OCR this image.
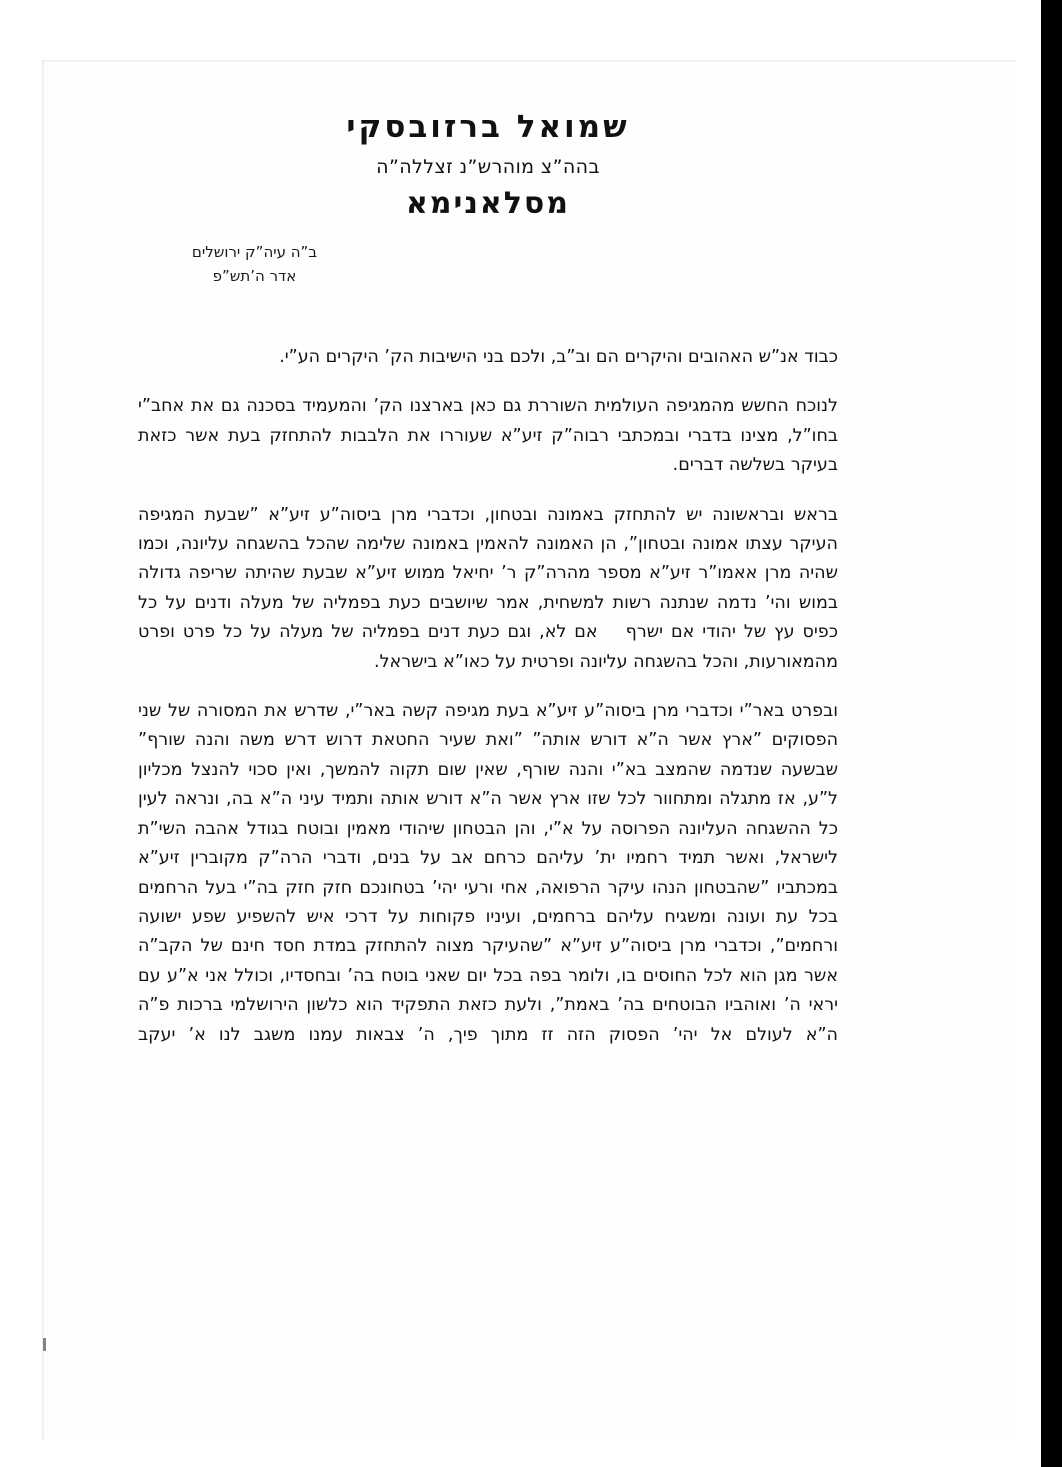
שמואל ברזובסקי
בהה”צ מוהרש”נ זצללה”ה
מסלאנימא
ב”ה עיה”ק ירושלים
אדר ה’תש”פ

כבוד אנ”ש האהובים והיקרים הם וב”ב, ולכם בני הישיבות הק’ היקרים הע”י.

לנוכח החשש מהמגיפה העולמית השוררת גם כאן בארצנו הק’ והמעמיד בסכנה גם את אחב”י בחו”ל, מצינו בדברי ובמכתבי רבוה”ק זיע”א שעוררו את הלבבות להתחזק בעת אשר כזאת בעיקר בשלשה דברים.

בראש ובראשונה יש להתחזק באמונה ובטחון, וכדברי מרן ביסוה”ע זיע”א ”שבעת המגיפה העיקר עצתו אמונה ובטחון”, הן האמונה להאמין באמונה שלימה שהכל בהשגחה עליונה, וכמו שהיה מרן אאמו”ר זיע”א מספר מהרה”ק ר’ יחיאל ממוש זיע”א שבעת שהיתה שריפה גדולה במוש והי’ נדמה שנתנה רשות למשחית, אמר שיושבים כעת בפמליה של מעלה ודנים על כל כפיס עץ של יהודי אם ישרףאם לא, וגם כעת דנים בפמליה של מעלה על כל פרט ופרט מהמאורעות, והכל בהשגחה עליונה ופרטית על כאו”א בישראל.

ובפרט באר”י וכדברי מרן ביסוה”ע זיע”א בעת מגיפה קשה באר”י, שדרש את המסורה של שני הפסוקים ”ארץ אשר ה”א דורש אותה” ”ואת שעיר החטאת דרוש דרש משה והנה שורף” שבשעה שנדמה שהמצב בא”י והנה שורף, שאין שום תקוה להמשך, ואין סכוי להנצל מכליון ל”ע, אז מתגלה ומתחוור לכל שזו ארץ אשר ה”א דורש אותה ותמיד עיני ה”א בה, ונראה לעין כל ההשגחה העליונה הפרוסה על א”י, והן הבטחון שיהודי מאמין ובוטח בגודל אהבה השי”ת לישראל, ואשר תמיד רחמיו ית’ עליהם כרחם אב על בנים, ודברי הרה”ק מקוברין זיע”א במכתביו ”שהבטחון הנהו עיקר הרפואה, אחי ורעי יהי’ בטחונכם חזק חזק בה”י בעל הרחמים בכל עת ועונה ומשגיח עליהם ברחמים, ועיניו פקוחות על דרכי איש להשפיע שפע ישועה ורחמים”, וכדברי מרן ביסוה”ע זיע”א ”שהעיקר מצוה להתחזק במדת חסד חינם של הקב”ה אשר מגן הוא לכל החוסים בו, ולומר בפה בכל יום שאני בוטח בה’ ובחסדיו, וכולל אני א”ע עם יראי ה’ ואוהביו הבוטחים בה’ באמת”, ולעת כזאת התפקיד הוא כלשון הירושלמי ברכות פ”ה ה”א לעולם אל יהי’ הפסוק הזה זז מתוך פיך, ה’ צבאות עמנו משגב לנו א’ יעקב
